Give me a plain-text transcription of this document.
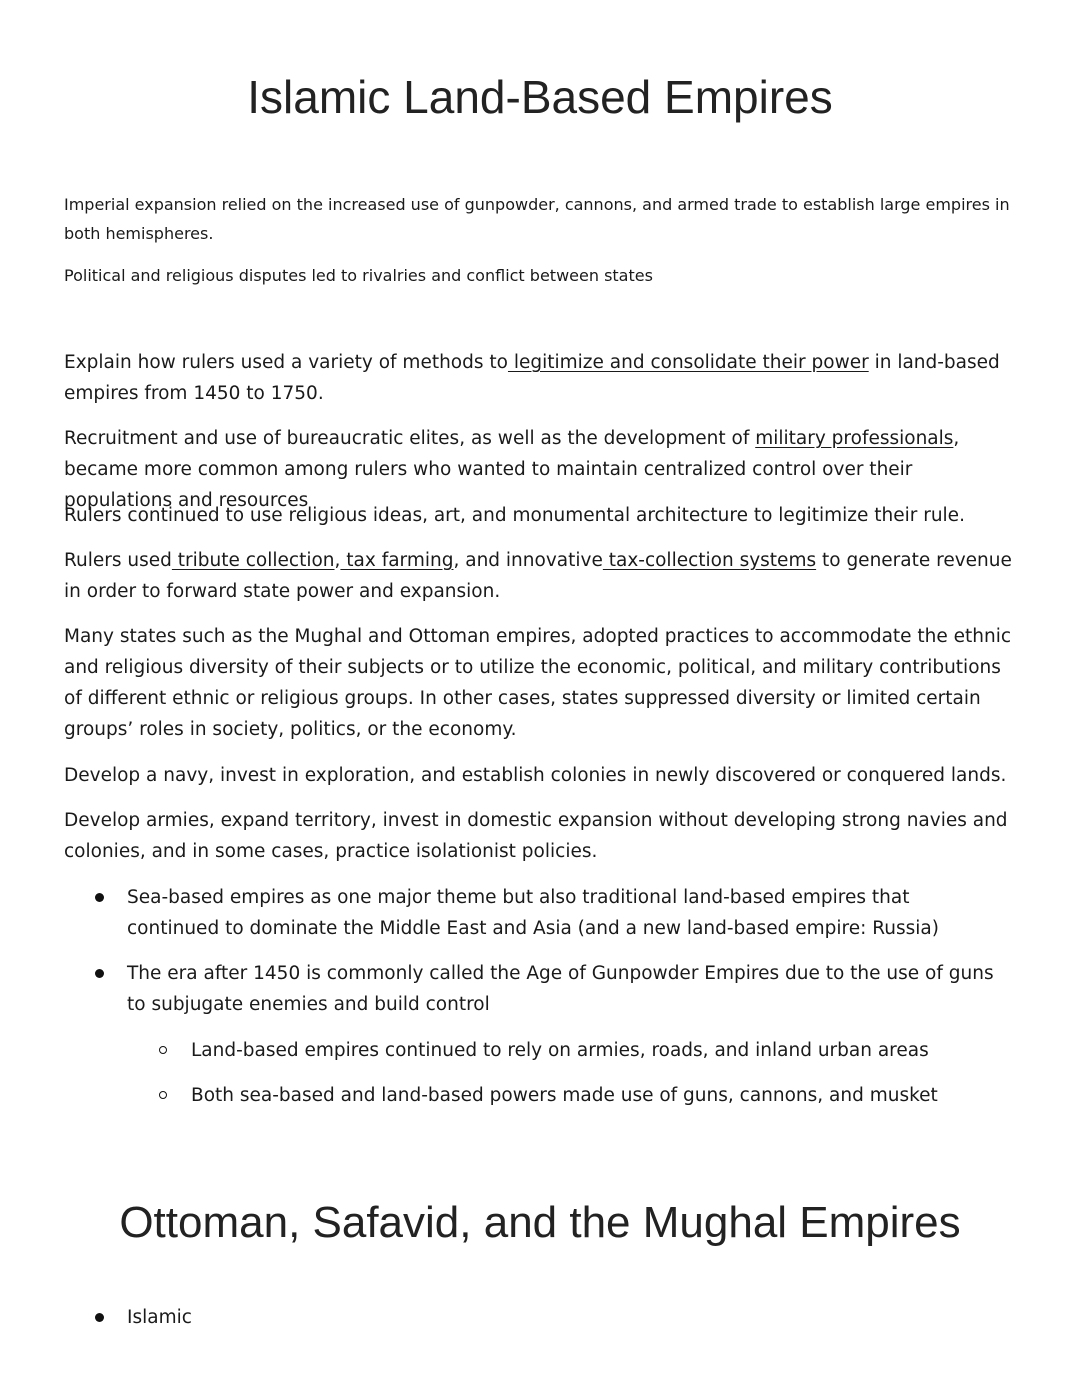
Islamic Land-Based Empires

Imperial expansion relied on the increased use of gunpowder, cannons, and armed trade to establish large empires in both hemispheres.

Political and religious disputes led to rivalries and conflict between states

Explain how rulers used a variety of methods to legitimize and consolidate their power in land-based empires from 1450 to 1750.

Recruitment and use of bureaucratic elites, as well as the development of military professionals, became more common among rulers who wanted to maintain centralized control over their populations and resources

Rulers continued to use religious ideas, art, and monumental architecture to legitimize their rule.

Rulers used tribute collection, tax farming, and innovative tax-collection systems to generate revenue in order to forward state power and expansion.

Many states such as the Mughal and Ottoman empires, adopted practices to accommodate the ethnic and religious diversity of their subjects or to utilize the economic, political, and military contributions of different ethnic or religious groups. In other cases, states suppressed diversity or limited certain groups’ roles in society, politics, or the economy.

Develop a navy, invest in exploration, and establish colonies in newly discovered or conquered lands.

Develop armies, expand territory, invest in domestic expansion without developing strong navies and colonies, and in some cases, practice isolationist policies.

Sea-based empires as one major theme but also traditional land-based empires that continued to dominate the Middle East and Asia (and a new land-based empire: Russia)

The era after 1450 is commonly called the Age of Gunpowder Empires due to the use of guns to subjugate enemies and build control

Land-based empires continued to rely on armies, roads, and inland urban areas

Both sea-based and land-based powers made use of guns, cannons, and musket

Ottoman, Safavid, and the Mughal Empires

Islamic
